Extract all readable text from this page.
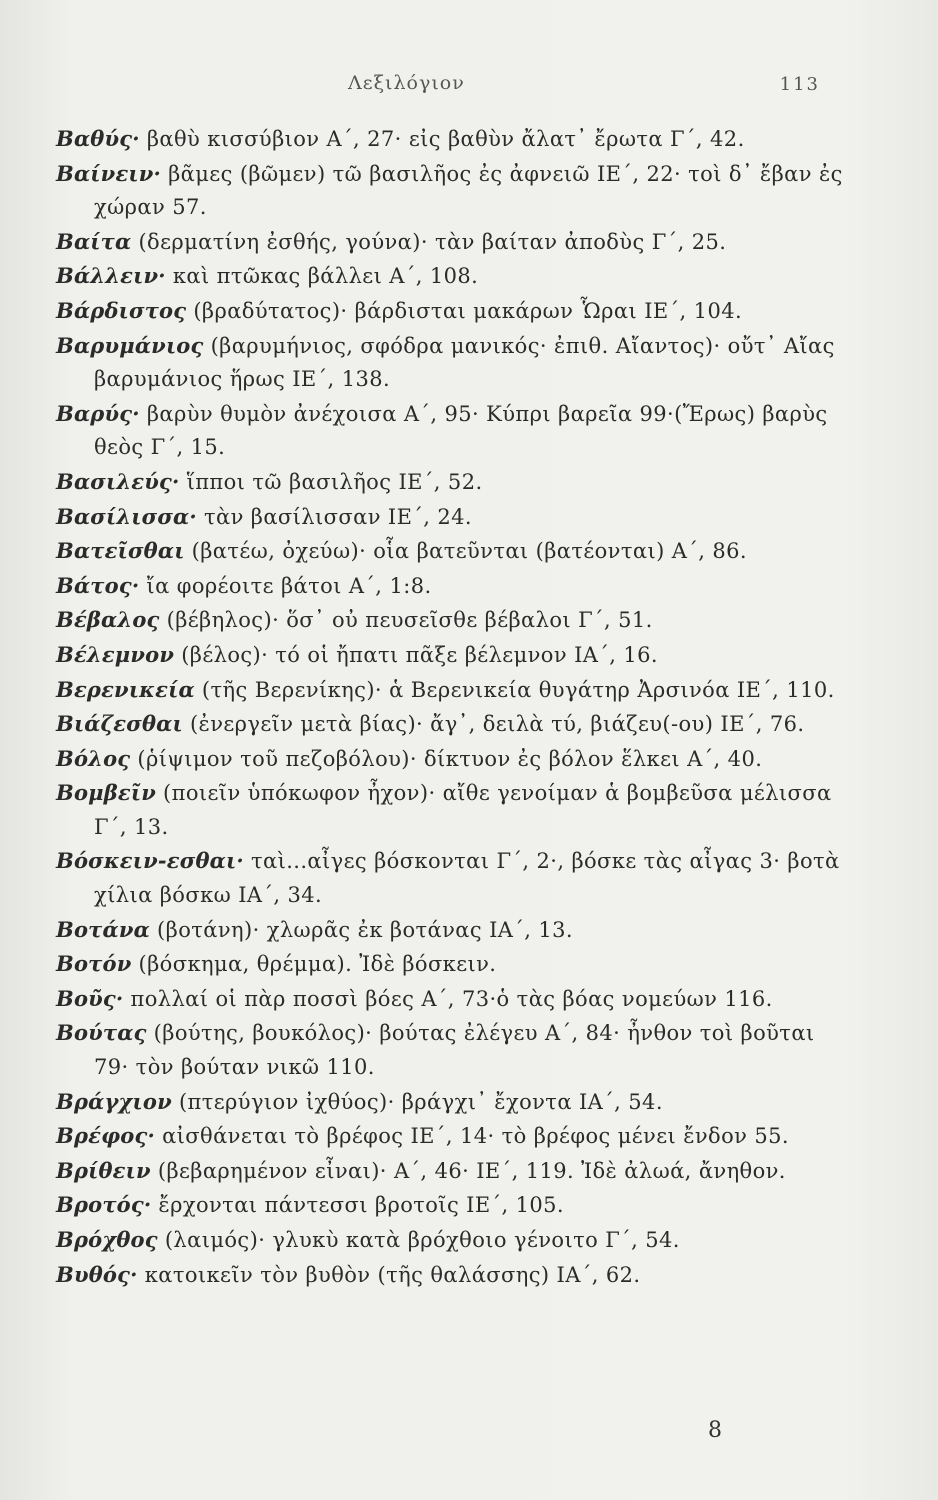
Λεξιλόγιον	113

Βαθύς· βαθὺ κισσύβιον Α΄, 27· εἰς βαθὺν ἄλατ᾽ ἔρωτα Γ΄, 42.

Βαίνειν· βᾶμες (βῶμεν) τῶ βασιλῆος ἐς ἀφνειῶ ΙΕ΄, 22· τοὶ δ᾽ ἔβαν ἐς χώραν 57.

Βαίτα (δερματίνη ἐσθής, γούνα)· τὰν βαίταν ἀποδὺς Γ΄, 25.

Βάλλειν· καὶ πτῶκας βάλλει Α΄, 108.

Βάρδιστος (βραδύτατος)· βάρδισται μακάρων Ὧραι ΙΕ΄, 104.

Βαρυμάνιος (βαρυμήνιος, σφόδρα μανικός· ἐπιθ. Αἴαντος)· οὔτ᾽ Αἴας βαρυμάνιος ἥρως ΙΕ΄, 138.

Βαρύς· βαρὺν θυμὸν ἀνέχοισα Α΄, 95· Κύπρι βαρεῖα 99·(Ἔρως) βαρὺς θεὸς Γ΄, 15.

Βασιλεύς· ἵπποι τῶ βασιλῆος ΙΕ΄, 52.

Βασίλισσα· τὰν βασίλισσαν ΙΕ΄, 24.

Βατεῖσθαι (βατέω, ὀχεύω)· οἷα βατεῦνται (βατέονται) Α΄, 86.

Βάτος· ἴα φορέοιτε βάτοι Α΄, 1:8.

Βέβαλος (βέβηλος)· ὅσ᾽ οὐ πευσεῖσθε βέβαλοι Γ΄, 51.

Βέλεμνον (βέλος)· τό οἱ ἤπατι πᾶξε βέλεμνον ΙΑ΄, 16.

Βερενικεία (τῆς Βερενίκης)· ἁ Βερενικεία θυγάτηρ Ἀρσινόα ΙΕ΄, 110.

Βιάζεσθαι (ἐνεργεῖν μετὰ βίας)· ἄγ᾽, δειλὰ τύ, βιάζευ(-ου) ΙΕ΄, 76.

Βόλος (ῥίψιμον τοῦ πεζοβόλου)· δίκτυον ἐς βόλον ἕλκει Α΄, 40.

Βομβεῖν (ποιεῖν ὑπόκωφον ἦχον)· αἴθε γενοίμαν ἁ βομβεῦσα μέλισσα Γ΄, 13.

Βόσκειν-εσθαι· ταὶ...αἶγες βόσκονται Γ΄, 2·, βόσκε τὰς αἶγας 3· βοτὰ χίλια βόσκω ΙΑ΄, 34.

Βοτάνα (βοτάνη)· χλωρᾶς ἐκ βοτάνας ΙΑ΄, 13.

Βοτόν (βόσκημα, θρέμμα). Ἰδὲ βόσκειν.

Βοῦς· πολλαί οἱ πὰρ ποσσὶ βόες Α΄, 73·ὁ τὰς βόας νομεύων 116.

Βούτας (βούτης, βουκόλος)· βούτας ἐλέγευ Α΄, 84· ἦνθον τοὶ βοῦται 79· τὸν βούταν νικῶ 110.

Βράγχιον (πτερύγιον ἰχθύος)· βράγχι᾽ ἔχοντα ΙΑ΄, 54.

Βρέφος· αἰσθάνεται τὸ βρέφος ΙΕ΄, 14· τὸ βρέφος μένει ἔνδον 55.

Βρίθειν (βεβαρημένον εἶναι)· Α΄, 46· ΙΕ΄, 119. Ἰδὲ ἀλωά, ἄνηθον.

Βροτός· ἔρχονται πάντεσσι βροτοῖς ΙΕ΄, 105.

Βρόχθος (λαιμός)· γλυκὺ κατὰ βρόχθοιο γένοιτο Γ΄, 54.

Βυθός· κατοικεῖν τὸν βυθὸν (τῆς θαλάσσης) ΙΑ΄, 62.

8
